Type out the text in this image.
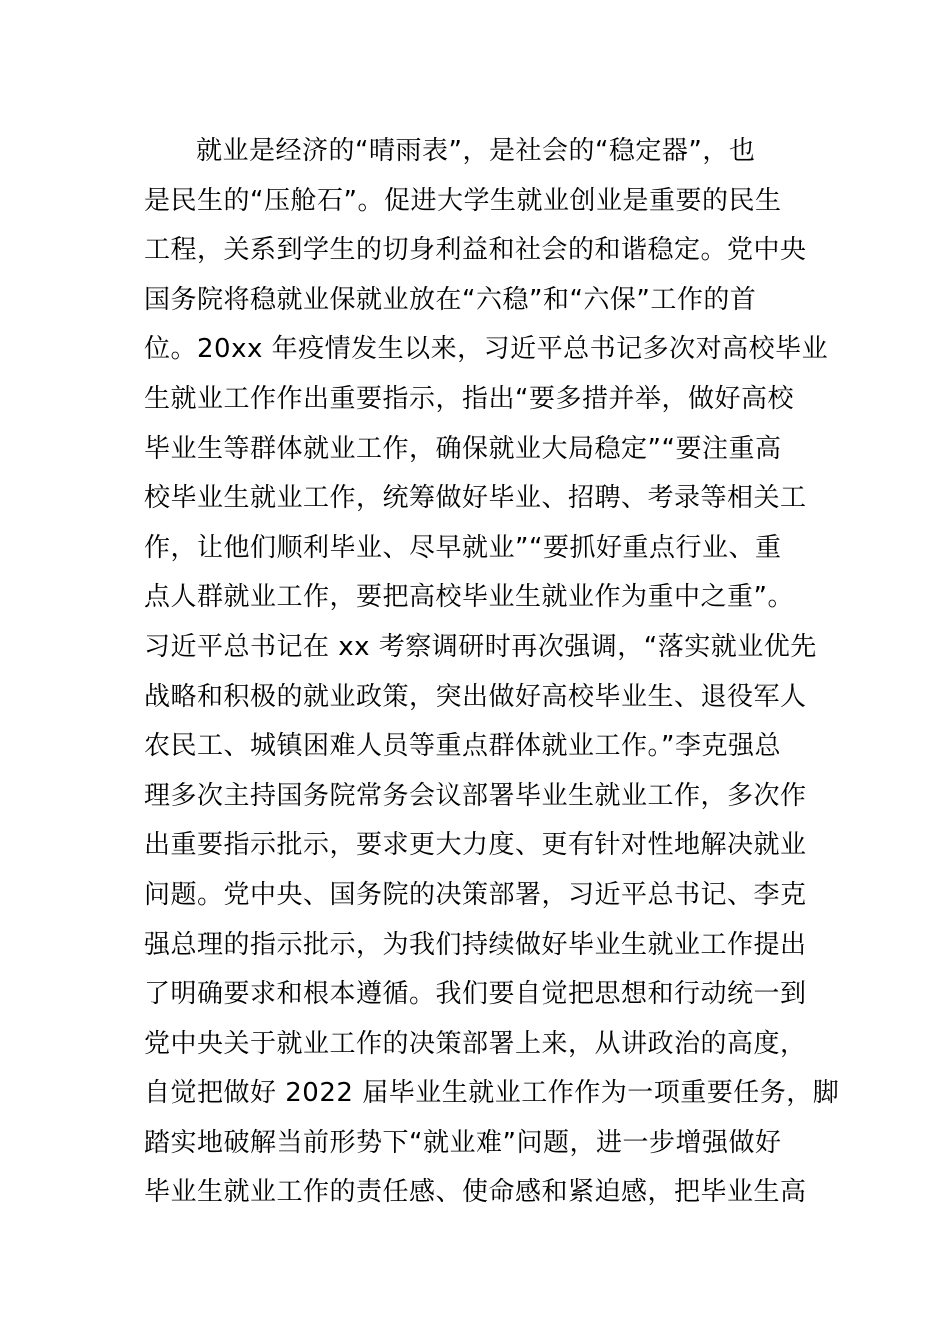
就业是经济的“晴雨表”，是社会的“稳定器”，也
是民生的“压舱石”。促进大学生就业创业是重要的民生
工程，关系到学生的切身利益和社会的和谐稳定。党中央
国务院将稳就业保就业放在“六稳”和“六保”工作的首
位。20xx 年疫情发生以来，习近平总书记多次对高校毕业
生就业工作作出重要指示，指出“要多措并举，做好高校
毕业生等群体就业工作，确保就业大局稳定”“要注重高
校毕业生就业工作，统筹做好毕业、招聘、考录等相关工
作，让他们顺利毕业、尽早就业”“要抓好重点行业、重
点人群就业工作，要把高校毕业生就业作为重中之重”。
习近平总书记在 xx 考察调研时再次强调，“落实就业优先
战略和积极的就业政策，突出做好高校毕业生、退役军人
农民工、城镇困难人员等重点群体就业工作。”李克强总
理多次主持国务院常务会议部署毕业生就业工作，多次作
出重要指示批示，要求更大力度、更有针对性地解决就业
问题。党中央、国务院的决策部署，习近平总书记、李克
强总理的指示批示，为我们持续做好毕业生就业工作提出
了明确要求和根本遵循。我们要自觉把思想和行动统一到
党中央关于就业工作的决策部署上来，从讲政治的高度，
自觉把做好 2022 届毕业生就业工作作为一项重要任务，脚
踏实地破解当前形势下“就业难”问题，进一步增强做好
毕业生就业工作的责任感、使命感和紧迫感，把毕业生高
